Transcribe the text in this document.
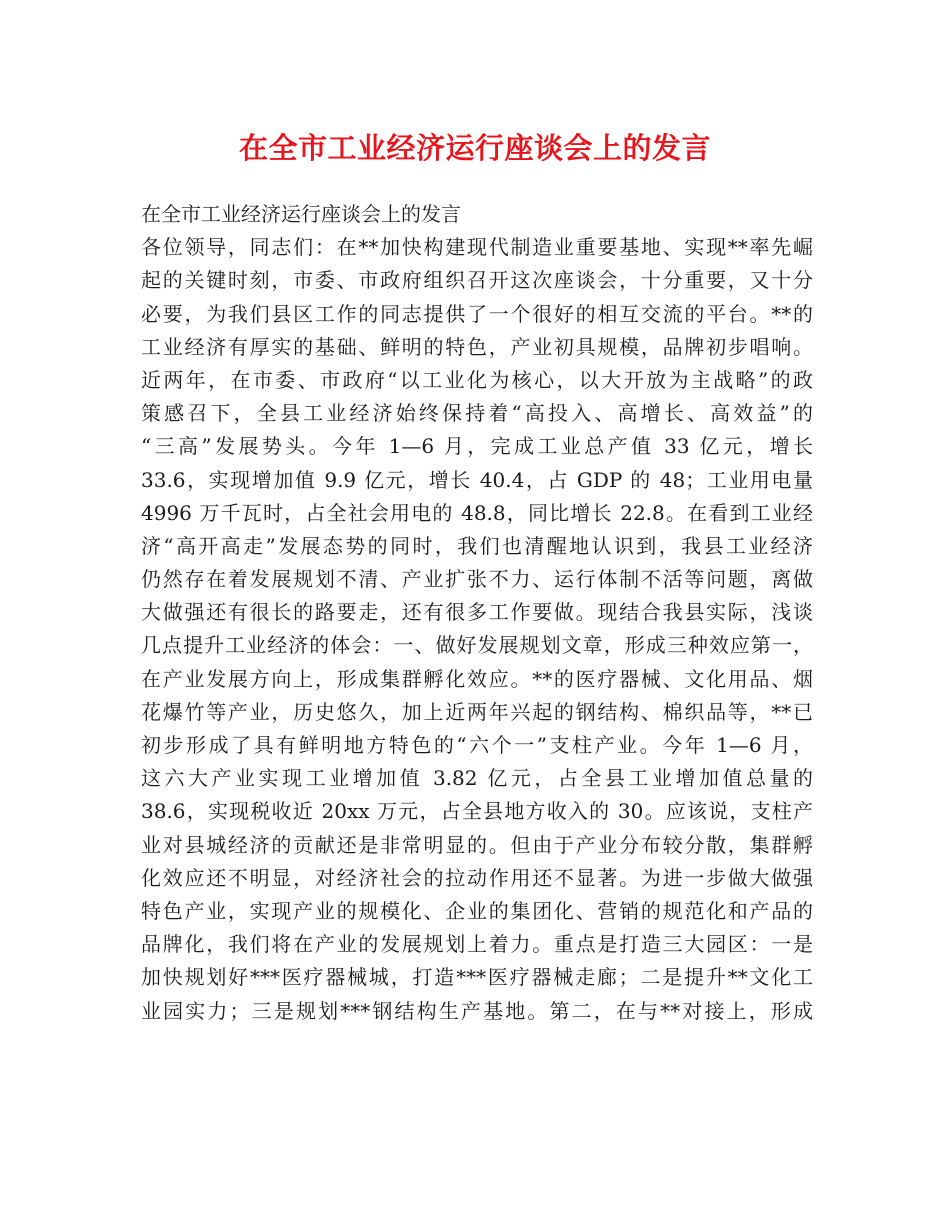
在全市工业经济运行座谈会上的发言
在全市工业经济运行座谈会上的发言
各位领导，同志们：在**加快构建现代制造业重要基地、实现**率先崛
起的关键时刻，市委、市政府组织召开这次座谈会，十分重要，又十分
必要，为我们县区工作的同志提供了一个很好的相互交流的平台。**的
工业经济有厚实的基础、鲜明的特色，产业初具规模，品牌初步唱响。
近两年，在市委、市政府“以工业化为核心，以大开放为主战略”的政
策感召下，全县工业经济始终保持着“高投入、高增长、高效益”的
“三高”发展势头。今年 1—6 月，完成工业总产值 33 亿元，增长
33.6，实现增加值 9.9 亿元，增长 40.4，占 GDP 的 48；工业用电量
4996 万千瓦时，占全社会用电的 48.8，同比增长 22.8。在看到工业经
济“高开高走”发展态势的同时，我们也清醒地认识到，我县工业经济
仍然存在着发展规划不清、产业扩张不力、运行体制不活等问题，离做
大做强还有很长的路要走，还有很多工作要做。现结合我县实际，浅谈
几点提升工业经济的体会：一、做好发展规划文章，形成三种效应第一，
在产业发展方向上，形成集群孵化效应。**的医疗器械、文化用品、烟
花爆竹等产业，历史悠久，加上近两年兴起的钢结构、棉织品等，**已
初步形成了具有鲜明地方特色的“六个一”支柱产业。今年 1—6 月，
这六大产业实现工业增加值 3.82 亿元，占全县工业增加值总量的
38.6，实现税收近 20xx 万元，占全县地方收入的 30。应该说，支柱产
业对县城经济的贡献还是非常明显的。但由于产业分布较分散，集群孵
化效应还不明显，对经济社会的拉动作用还不显著。为进一步做大做强
特色产业，实现产业的规模化、企业的集团化、营销的规范化和产品的
品牌化，我们将在产业的发展规划上着力。重点是打造三大园区：一是
加快规划好***医疗器械城，打造***医疗器械走廊；二是提升**文化工
业园实力；三是规划***钢结构生产基地。第二，在与**对接上，形成
